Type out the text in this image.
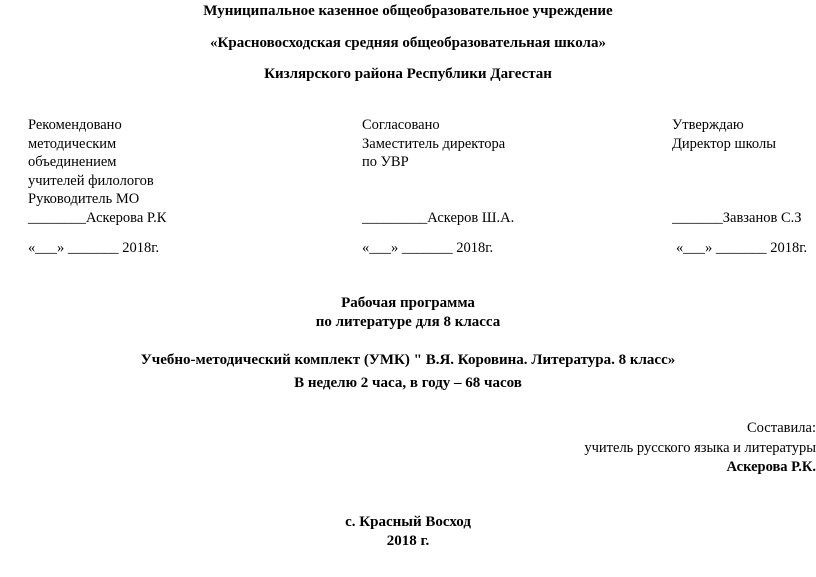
Муниципальное казенное общеобразовательное учреждение
«Красновосходская средняя общеобразовательная школа»
Кизлярского района Республики Дагестан
Рекомендовано
методическим
объединением
учителей филологов
Руководитель МО
________Аскерова Р.К
«___» _______ 2018г.
Согласовано
Заместитель директора
по УВР
_________Аскеров Ш.А.
«___» _______ 2018г.
Утверждаю
Директор школы
_______Завзанов С.З
«___» _______ 2018г.
Рабочая программа
по литературе для 8 класса
Учебно-методический комплект (УМК) " В.Я. Коровина. Литература. 8 класс»
В неделю 2 часа, в году – 68 часов
Составила:
учитель русского языка и литературы
Аскерова Р.К.
с. Красный Восход
2018 г.
